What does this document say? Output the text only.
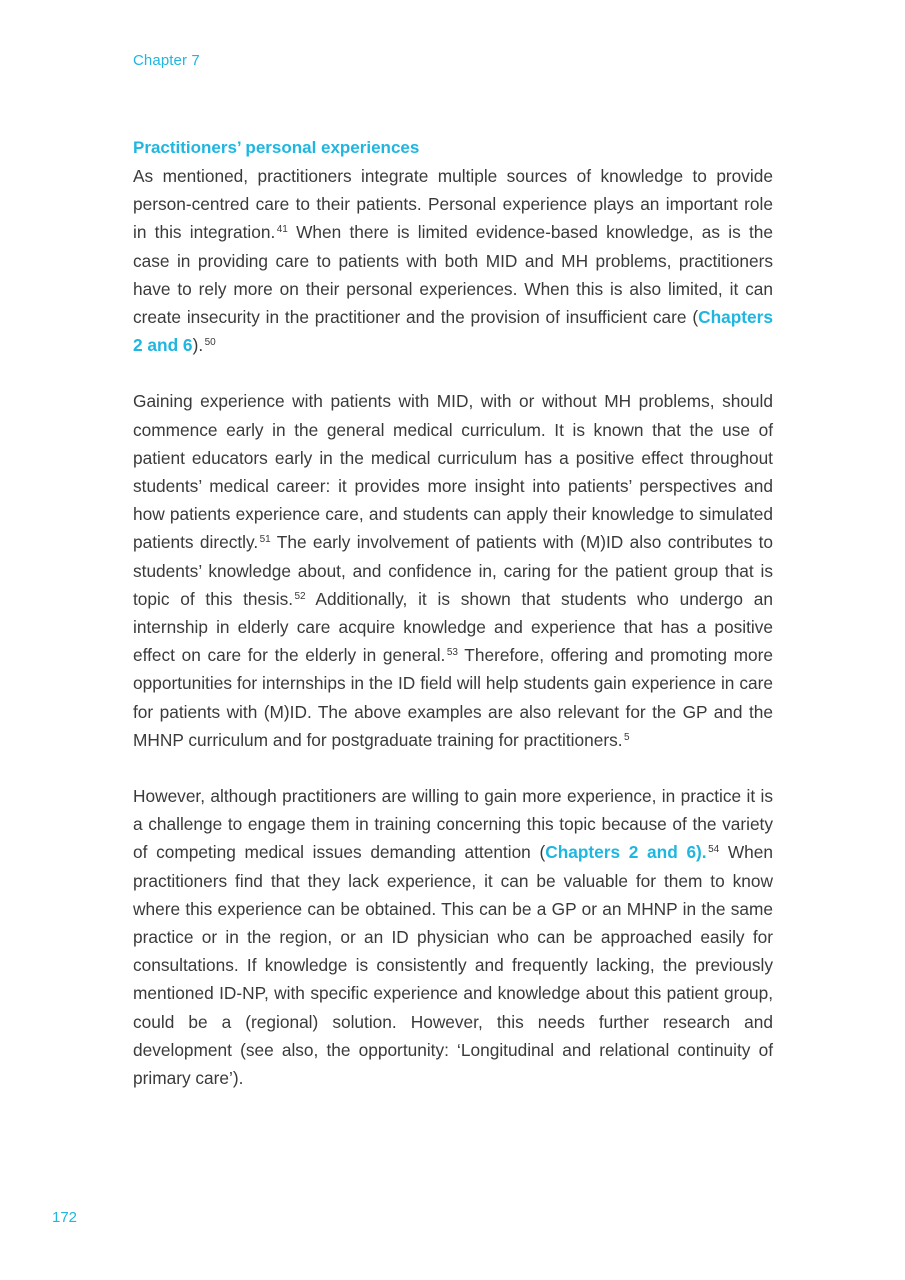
Chapter 7
Practitioners’ personal experiences

As mentioned, practitioners integrate multiple sources of knowledge to provide person-centred care to their patients. Personal experience plays an important role in this integration. $^{41}$ When there is limited evidence-based knowledge, as is the case in providing care to patients with both MID and MH problems, practitioners have to rely more on their personal experiences. When this is also limited, it can create insecurity in the practitioner and the provision of insufficient care (Chapters 2 and 6). $^{50}$

Gaining experience with patients with MID, with or without MH problems, should commence early in the general medical curriculum. It is known that the use of patient educators early in the medical curriculum has a positive effect throughout students’ medical career: it provides more insight into patients’ perspectives and how patients experience care, and students can apply their knowledge to simulated patients directly. $^{51}$ The early involvement of patients with (M)ID also contributes to students’ knowledge about, and confidence in, caring for the patient group that is topic of this thesis. $^{52}$ Additionally, it is shown that students who undergo an internship in elderly care acquire knowledge and experience that has a positive effect on care for the elderly in general. $^{53}$ Therefore, offering and promoting more opportunities for internships in the ID field will help students gain experience in care for patients with (M)ID. The above examples are also relevant for the GP and the MHNP curriculum and for postgraduate training for practitioners. $^5$

However, although practitioners are willing to gain more experience, in practice it is a challenge to engage them in training concerning this topic because of the variety of competing medical issues demanding attention (Chapters 2 and 6). $^{54}$ When practitioners find that they lack experience, it can be valuable for them to know where this experience can be obtained. This can be a GP or an MHNP in the same practice or in the region, or an ID physician who can be approached easily for consultations. If knowledge is consistently and frequently lacking, the previously mentioned ID-NP, with specific experience and knowledge about this patient group, could be a (regional) solution. However, this needs further research and development (see also, the opportunity: ‘Longitudinal and relational continuity of primary care’).

172
